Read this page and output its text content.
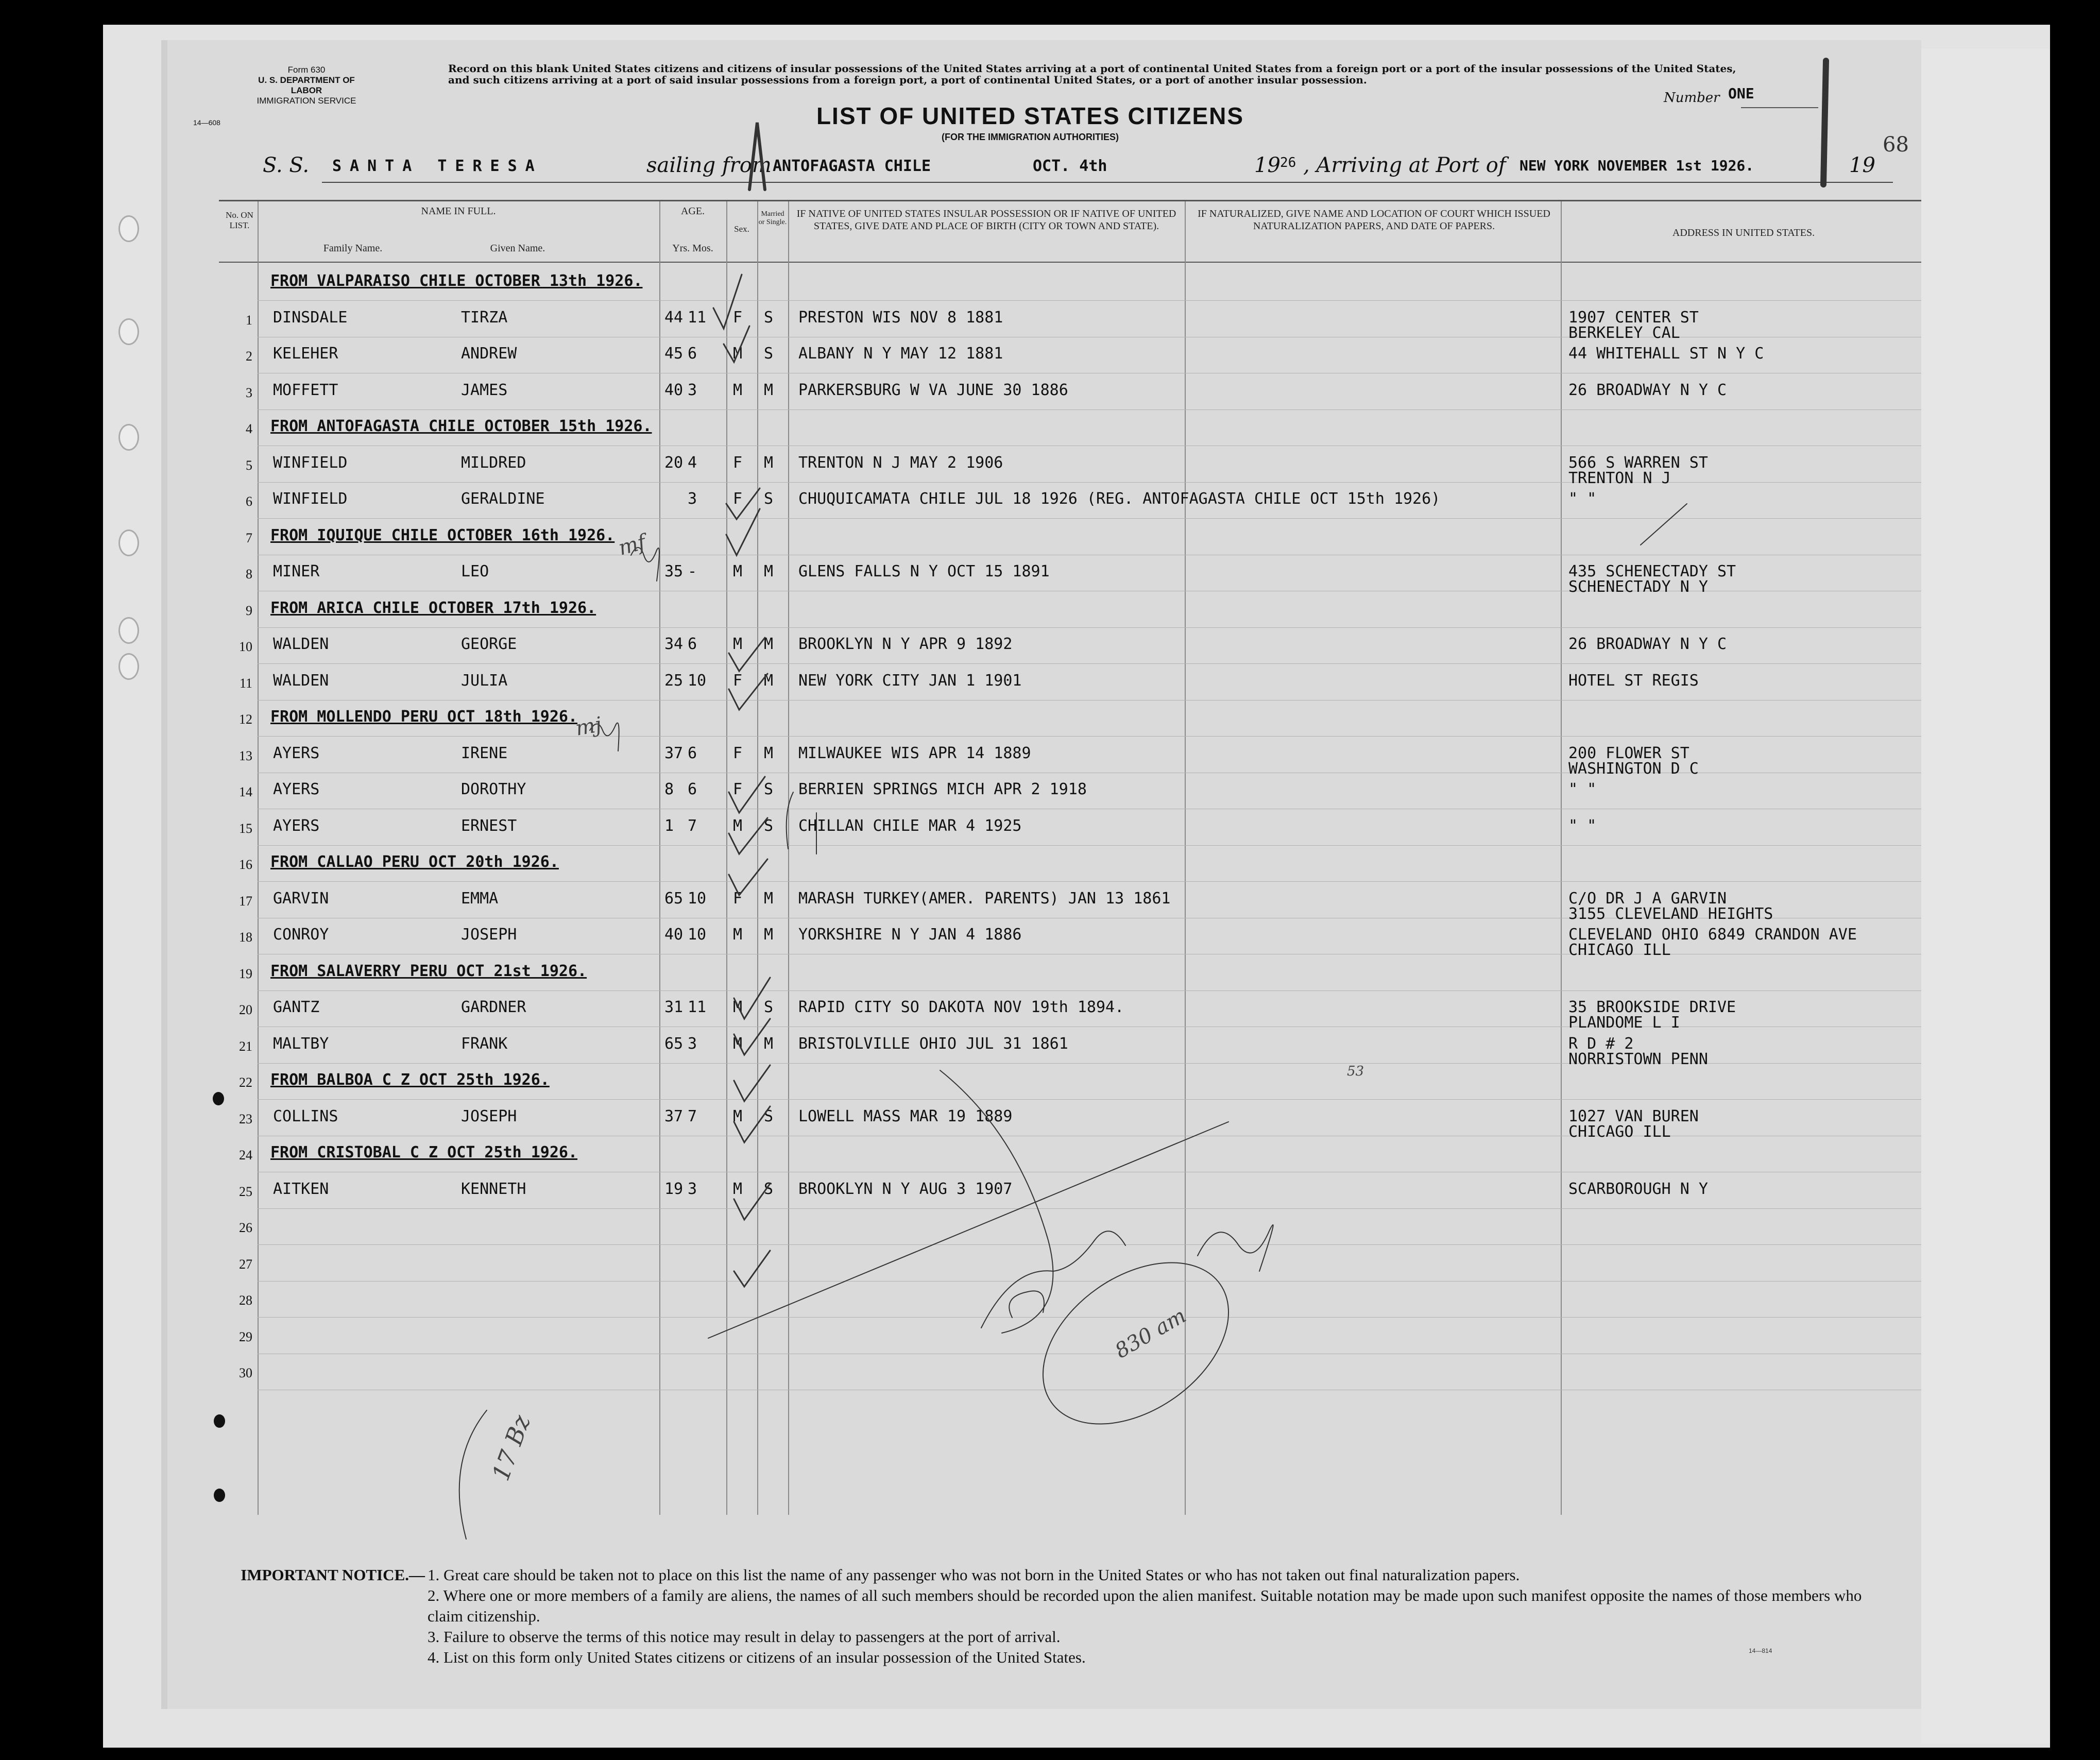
Form 630
U. S. DEPARTMENT OF LABOR
IMMIGRATION SERVICE
14—608
Record on this blank United States citizens and citizens of insular possessions of the United States arriving at a port of continental United States from a foreign port or a port of the insular possessions of the United States, and such citizens arriving at a port of said insular possessions from a foreign port, a port of continental United States, or a port of another insular possession.
LIST OF UNITED STATES CITIZENS
(FOR THE IMMIGRATION AUTHORITIES)
Number ONE
S. S. SANTA TERESA	sailing from ANTOFAGASTA CHILE	OCT. 4th	19 26 , Arriving at Port of NEW YORK NOVEMBER 1st 1926.	19
No. ON LIST.
NAME IN FULL.
Family Name.	Given Name.
AGE.
Yrs. Mos.
Sex.
Married or Single.
IF NATIVE OF UNITED STATES INSULAR POSSESSION OR IF NATIVE OF UNITED STATES, GIVE DATE AND PLACE OF BIRTH (CITY OR TOWN AND STATE).
IF NATURALIZED, GIVE NAME AND LOCATION OF COURT WHICH ISSUED NATURALIZATION PAPERS, AND DATE OF PAPERS.
ADDRESS IN UNITED STATES.
FROM VALPARAISO CHILE OCTOBER 13th 1926.
1 DINSDALE	TIRZA	44 11 F S PRESTON WIS NOV 8 1881	1907 CENTER ST
BERKELEY CAL
2 KELEHER	ANDREW	45 6 M S ALBANY N Y MAY 12 1881	44 WHITEHALL ST N Y C
3 MOFFETT	JAMES	40 3 M M PARKERSBURG W VA JUNE 30 1886	26 BROADWAY N Y C
4 FROM ANTOFAGASTA CHILE OCTOBER 15th 1926.
5 WINFIELD	MILDRED	20 4 F M TRENTON N J MAY 2 1906	566 S WARREN ST
TRENTON N J
6 WINFIELD	GERALDINE	3 F S CHUQUICAMATA CHILE JUL 18 1926 (REG. ANTOFAGASTA CHILE OCT 15th 1926)	" "
7 FROM IQUIQUE CHILE OCTOBER 16th 1926.
8 MINER	LEO	35 - M M GLENS FALLS N Y OCT 15 1891	435 SCHENECTADY ST
SCHENECTADY N Y
9 FROM ARICA CHILE OCTOBER 17th 1926.
10 WALDEN	GEORGE	34 6 M M BROOKLYN N Y APR 9 1892	26 BROADWAY N Y C
11 WALDEN	JULIA	25 10 F M NEW YORK CITY JAN 1 1901	HOTEL ST REGIS
12 FROM MOLLENDO PERU OCT 18th 1926.
13 AYERS	IRENE	37 6 F M MILWAUKEE WIS APR 14 1889	200 FLOWER ST
WASHINGTON D C
14 AYERS	DOROTHY	8 6 F S BERRIEN SPRINGS MICH APR 2 1918	" "
15 AYERS	ERNEST	1 7 M S CHILLAN CHILE MAR 4 1925	" "
16 FROM CALLAO PERU OCT 20th 1926.
17 GARVIN	EMMA	65 10 F M MARASH TURKEY(AMER. PARENTS) JAN 13 1861	C/O DR J A GARVIN
3155 CLEVELAND HEIGHTS
18 CONROY	JOSEPH	40 10 M M YORKSHIRE N Y JAN 4 1886	CLEVELAND OHIO 6849 CRANDON AVE
CHICAGO ILL
19 FROM SALAVERRY PERU OCT 21st 1926.
20 GANTZ	GARDNER	31 11 M S RAPID CITY SO DAKOTA NOV 19th 1894.	35 BROOKSIDE DRIVE
PLANDOME L I
21 MALTBY	FRANK	65 3 M M BRISTOLVILLE OHIO JUL 31 1861	R D # 2
NORRISTOWN PENN
22 FROM BALBOA C Z OCT 25th 1926.
23 COLLINS	JOSEPH	37 7 M S LOWELL MASS MAR 19 1889	1027 VAN BUREN
CHICAGO ILL
24 FROM CRISTOBAL C Z OCT 25th 1926.
25 AITKEN	KENNETH	19 3 M S BROOKLYN N Y AUG 3 1907	SCARBOROUGH N Y
26
27
28
29
30
mf
mj
17 Bz
53
830 am
68
14—814
IMPORTANT NOTICE.— 1. Great care should be taken not to place on this list the name of any passenger who was not born in the United States or who has not taken out final naturalization papers.
2. Where one or more members of a family are aliens, the names of all such members should be recorded upon the alien manifest. Suitable notation may be made upon such manifest opposite the names of those members who claim citizenship.
3. Failure to observe the terms of this notice may result in delay to passengers at the port of arrival.
4. List on this form only United States citizens or citizens of an insular possession of the United States.
